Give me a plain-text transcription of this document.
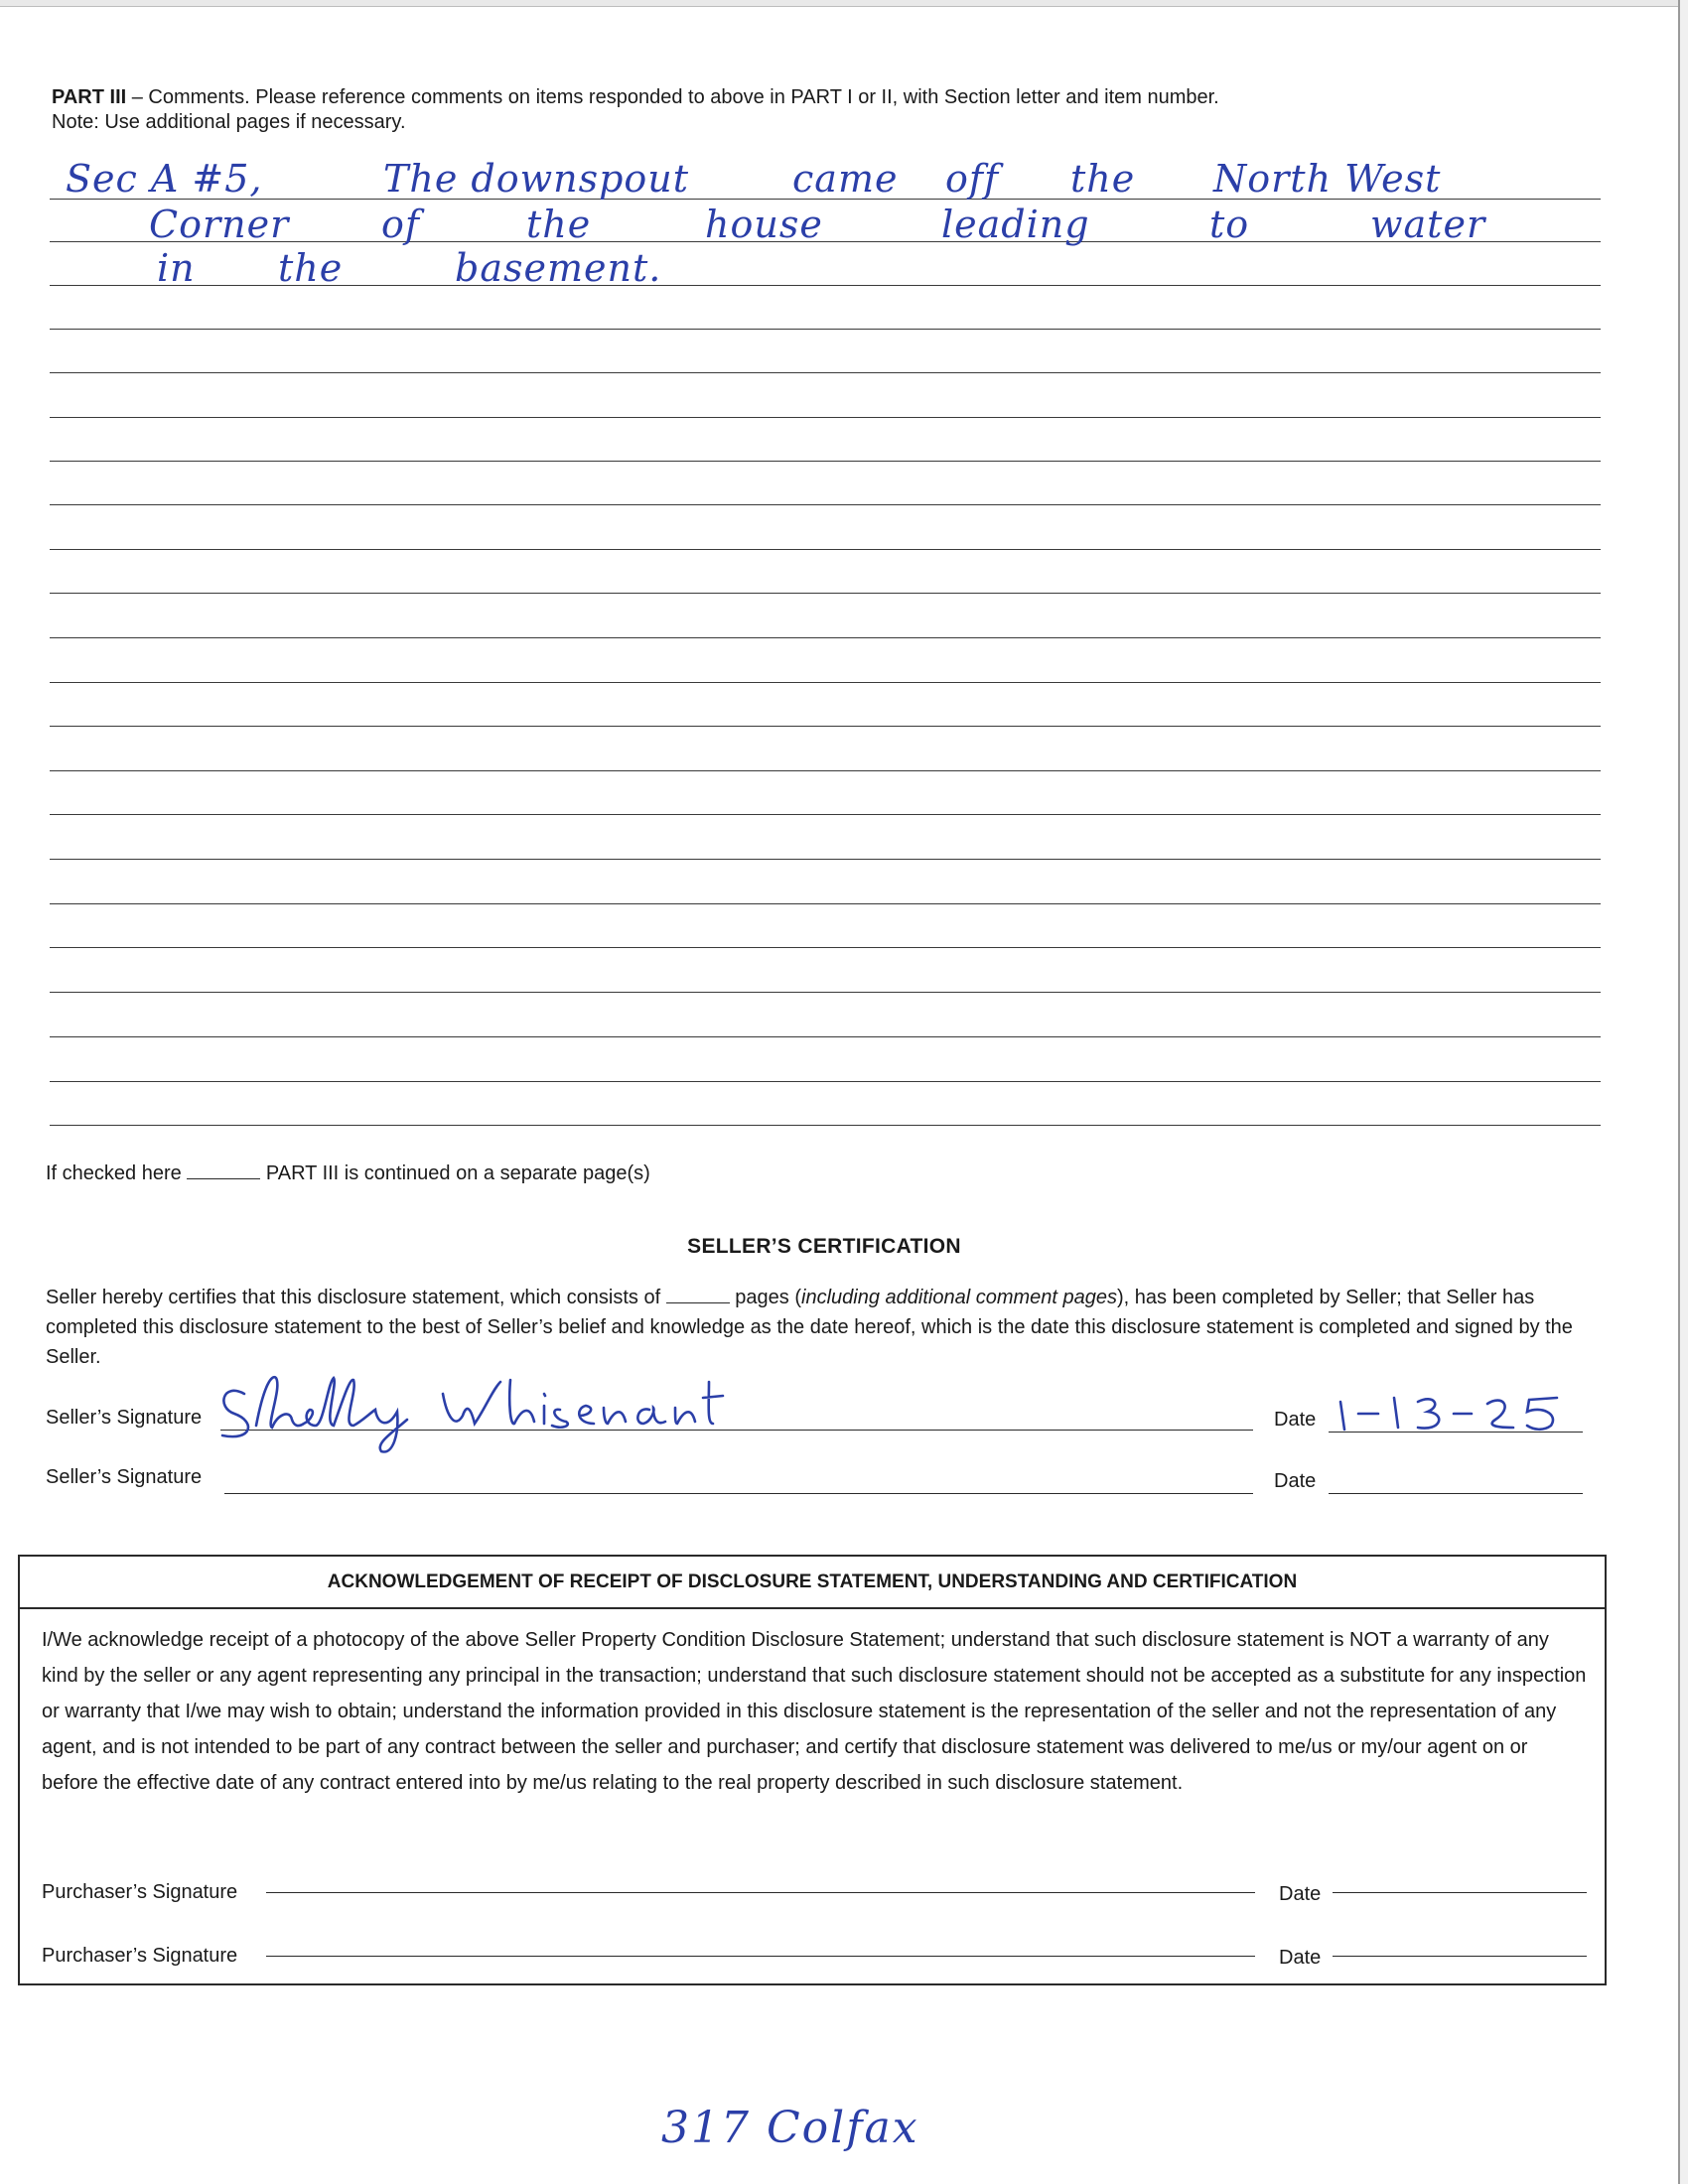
PART III – Comments. Please reference comments on items responded to above in PART I or II, with Section letter and item number.
Note: Use additional pages if necessary.
Sec A #5,	The downspout	came off the North West
Corner of	the	house	leading	to	water
in the	basement.
If checked here	PART III is continued on a separate page(s)
SELLER’S CERTIFICATION
Seller hereby certifies that this disclosure statement, which consists of	pages (including additional comment pages), has been completed by Seller; that Seller has completed this disclosure statement to the best of Seller’s belief and knowledge as the date hereof, which is the date this disclosure statement is completed and signed by the Seller.
Seller’s Signature	Date
Seller’s Signature	Date
ACKNOWLEDGEMENT OF RECEIPT OF DISCLOSURE STATEMENT, UNDERSTANDING AND CERTIFICATION
I/We acknowledge receipt of a photocopy of the above Seller Property Condition Disclosure Statement; understand that such disclosure statement is NOT a warranty of any kind by the seller or any agent representing any principal in the transaction; understand that such disclosure statement should not be accepted as a substitute for any inspection or warranty that I/we may wish to obtain; understand the information provided in this disclosure statement is the representation of the seller and not the representation of any agent, and is not intended to be part of any contract between the seller and purchaser; and certify that disclosure statement was delivered to me/us or my/our agent on or before the effective date of any contract entered into by me/us relating to the real property described in such disclosure statement.
Purchaser’s Signature	Date
Purchaser’s Signature	Date
317 Colfax
